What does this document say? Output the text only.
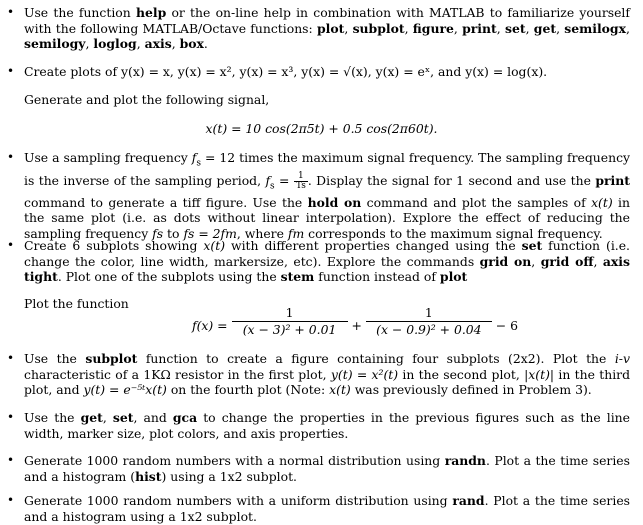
• Use the function help or the on-line help in combination with MATLAB to familiarize yourself with the following MATLAB/Octave functions: plot, subplot, figure, print, set, get, semilogx, semilogy, loglog, axis, box.
• Create plots of y(x) = x, y(x) = x², y(x) = x³, y(x) = √(x), y(x) = eˣ, and y(x) = log(x).
Generate and plot the following signal,
x(t) = 10 cos(2π5t) + 0.5 cos(2π60t).
• Use a sampling frequency $f_s = 12$ times the maximum signal frequency. The sampling frequency is the inverse of the sampling period, $f_s = \frac{1}{Ts}$ . Display the signal for 1 second and use the print command to generate a tiff figure. Use the hold on command and plot the samples of x(t) in the same plot (i.e. as dots without linear interpolation). Explore the effect of reducing the sampling frequency fs to fs = 2fm, where fm corresponds to the maximum signal frequency.
• Create 6 subplots showing x(t) with different properties changed using the set function (i.e. change the color, line width, markersize, etc). Explore the commands grid on, grid off, axis tight. Plot one of the subplots using the stem function instead of plot
Plot the function
$f(x) = \frac{1}{\text{(x − 3)² + 0.01}} + \frac{1}{\text{(x − 0.9)² + 0.04}} - 6$
• Use the subplot function to create a figure containing four subplots (2x2). Plot the i-v characteristic of a 1KΩ resistor in the first plot, y(t) = x²(t) in the second plot, |x(t)| in the third plot, and y(t) = e⁻⁵ᵗx(t) on the fourth plot (Note: x(t) was previously defined in Problem 3).
• Use the get, set, and gca to change the properties in the previous figures such as the line width, marker size, plot colors, and axis properties.
• Generate 1000 random numbers with a normal distribution using randn. Plot a the time series and a histogram (hist) using a 1x2 subplot.
• Generate 1000 random numbers with a uniform distribution using rand. Plot a the time series and a histogram using a 1x2 subplot.
